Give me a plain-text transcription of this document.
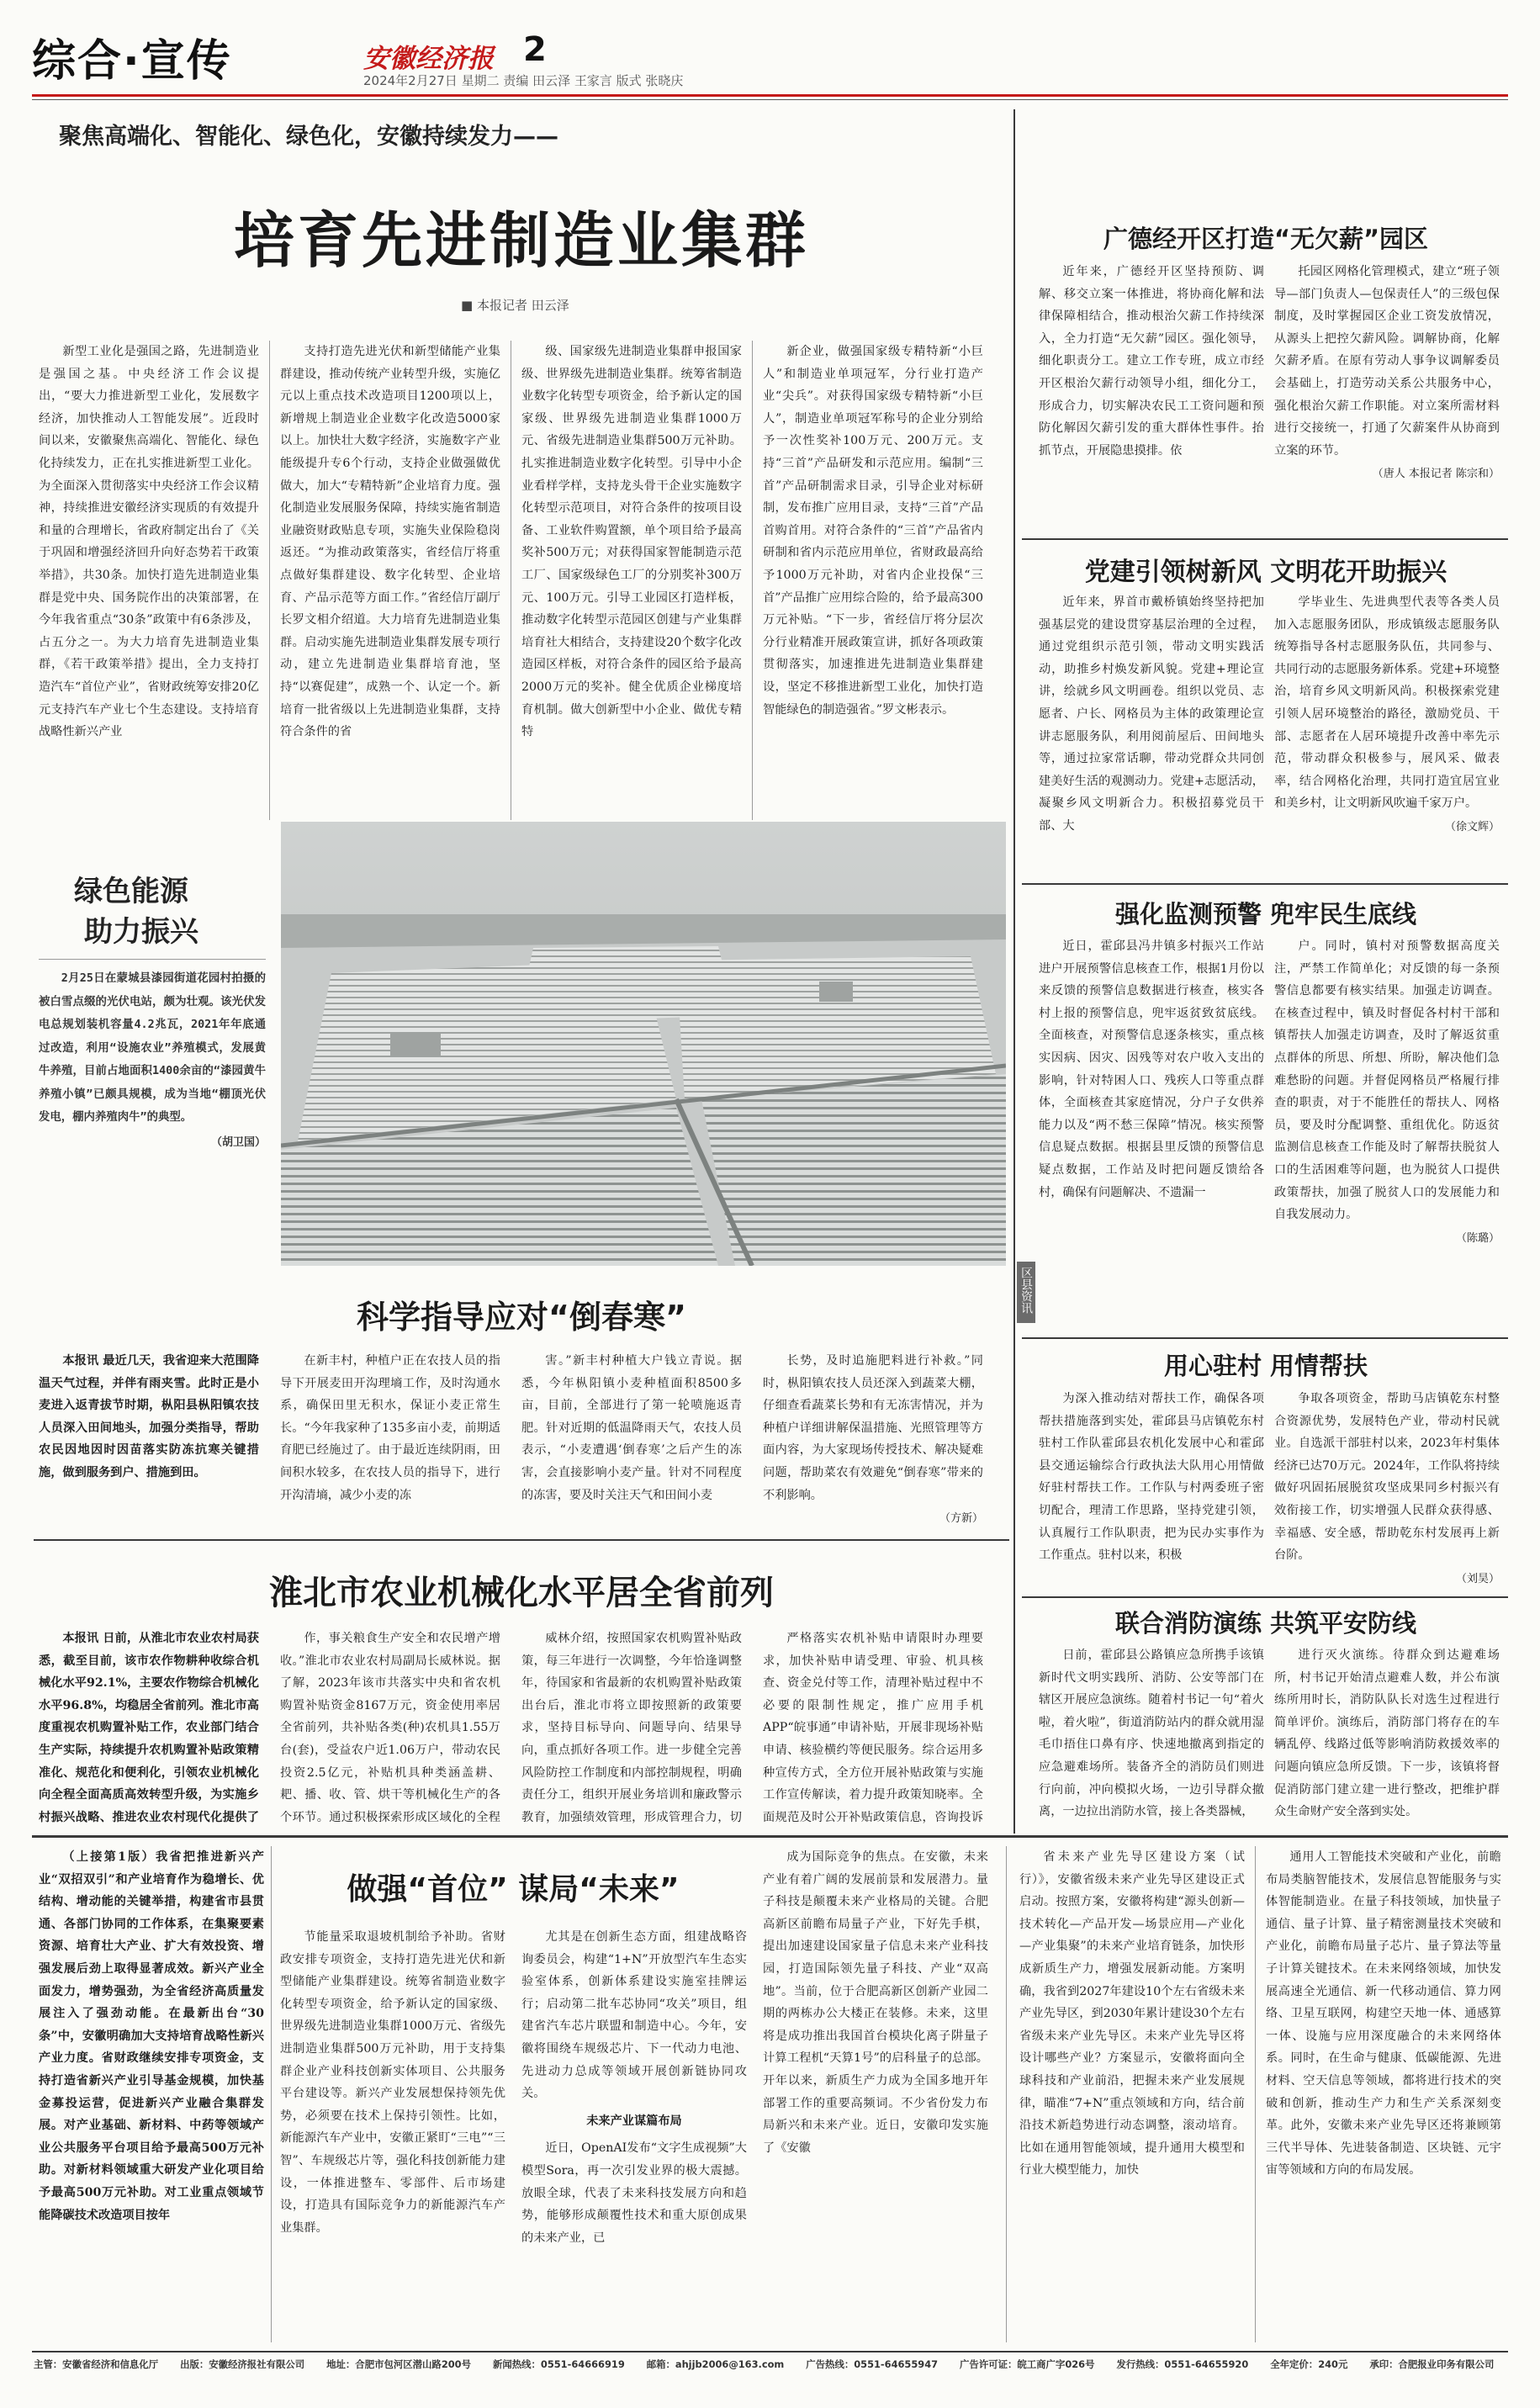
综合·宣传	安徽经济报 2
2024年2月27日 星期二 责编 田云泽 王家言 版式 张晓庆
聚焦高端化、智能化、绿色化，安徽持续发力——
培育先进制造业集群
■ 本报记者 田云泽

新型工业化是强国之路，先进制造业是强国之基。中央经济工作会议提出，“要大力推进新型工业化，发展数字经济，加快推动人工智能发展”。近段时间以来，安徽聚焦高端化、智能化、绿色化持续发力，正在扎实推进新型工业化。为全面深入贯彻落实中央经济工作会议精神，持续推进安徽经济实现质的有效提升和量的合理增长，省政府制定出台了《关于巩固和增强经济回升向好态势若干政策举措》，共30条。加快打造先进制造业集群是党中央、国务院作出的决策部署，在今年我省重点“30条”政策中有6条涉及，占五分之一。为大力培育先进制造业集群，《若干政策举措》提出，全力支持打造汽车“首位产业”，省财政统筹安排20亿元支持汽车产业七个生态建设。支持培育战略性新兴产业

支持打造先进光伏和新型储能产业集群建设，推动传统产业转型升级，实施亿元以上重点技术改造项目1200项以上，新增规上制造业企业数字化改造5000家以上。加快壮大数字经济，实施数字产业能级提升专6个行动，支持企业做强做优做大，加大“专精特新”企业培育力度。强化制造业发展服务保障，持续实施省制造业融资财政贴息专项，实施失业保险稳岗返还。“为推动政策落实，省经信厅将重点做好集群建设、数字化转型、企业培育、产品示范等方面工作。”省经信厅副厅长罗文相介绍道。大力培育先进制造业集群。启动实施先进制造业集群发展专项行动，建立先进制造业集群培育池，坚持“以赛促建”，成熟一个、认定一个。新培育一批省级以上先进制造业集群，支持符合条件的省

级、国家级先进制造业集群申报国家级、世界级先进制造业集群。统筹省制造业数字化转型专项资金，给予新认定的国家级、世界级先进制造业集群1000万元、省级先进制造业集群500万元补助。扎实推进制造业数字化转型。引导中小企业看样学样，支持龙头骨干企业实施数字化转型示范项目，对符合条件的按项目设备、工业软件购置额，单个项目给予最高奖补500万元；对获得国家智能制造示范工厂、国家级绿色工厂的分别奖补300万元、100万元。引导工业园区打造样板，推动数字化转型示范园区创建与产业集群培育社大相结合，支持建设20个数字化改造园区样板，对符合条件的园区给予最高2000万元的奖补。健全优质企业梯度培育机制。做大创新型中小企业、做优专精特

新企业，做强国家级专精特新“小巨人”和制造业单项冠军，分行业打造产业“尖兵”。对获得国家级专精特新“小巨人”，制造业单项冠军称号的企业分别给予一次性奖补100万元、200万元。支持“三首”产品研发和示范应用。编制“三首”产品研制需求目录，引导企业对标研制，发布推广应用目录，支持“三首”产品首购首用。对符合条件的“三首”产品省内研制和省内示范应用单位，省财政最高给予1000万元补助，对省内企业投保“三首”产品推广应用综合险的，给予最高300万元补贴。“下一步，省经信厅将分层次分行业精准开展政策宣讲，抓好各项政策贯彻落实，加速推进先进制造业集群建设，坚定不移推进新型工业化，加快打造智能绿色的制造强省。”罗文彬表示。

绿色能源
助力振兴

2月25日在蒙城县漆园街道花园村拍摄的被白雪点缀的光伏电站，颇为壮观。该光伏发电总规划装机容量4.2兆瓦，2021年年底通过改造，利用“设施农业”养殖模式，发展黄牛养殖，目前占地面积1400余亩的“漆园黄牛养殖小镇”已颇具规模，成为当地“棚顶光伏发电，棚内养殖肉牛”的典型。

（胡卫国）
科学指导应对“倒春寒”

本报讯 最近几天，我省迎来大范围降温天气过程，并伴有雨夹雪。此时正是小麦进入返青拔节时期，枞阳县枞阳镇农技人员深入田间地头，加强分类指导，帮助农民因地因时因苗落实防冻抗寒关键措施，做到服务到户、措施到田。

在新丰村，种植户正在农技人员的指导下开展麦田开沟理墒工作，及时沟通水系，确保田里无积水，保证小麦正常生长。“今年我家种了135多亩小麦，前期适育肥已经施过了。由于最近连续阴雨，田间积水较多，在农技人员的指导下，进行开沟清墒，减少小麦的冻

害。”新丰村种植大户钱立青说。据悉，今年枞阳镇小麦种植面积8500多亩，目前，全部进行了第一轮喷施返青肥。针对近期的低温降雨天气，农技人员表示，“小麦遭遇‘倒春寒’之后产生的冻害，会直接影响小麦产量。针对不同程度的冻害，要及时关注天气和田间小麦

长势，及时追施肥料进行补救。”同时，枞阳镇农技人员还深入到蔬菜大棚，仔细查看蔬菜长势和有无冻害情况，并为种植户详细讲解保温措施、光照管理等方面内容，为大家现场传授技术、解决疑难问题，帮助菜农有效避免“倒春寒”带来的不利影响。

（方新）
淮北市农业机械化水平居全省前列

本报讯 日前，从淮北市农业农村局获悉，截至目前，该市农作物耕种收综合机械化水平92.1%，主要农作物综合机械化水平96.8%，均稳居全省前列。淮北市高度重视农机购置补贴工作，农业部门结合生产实际，持续提升农机购置补贴政策精准化、规范化和便利化，引领农业机械化向全程全面高质高效转型升级，为实施乡村振兴战略、推进农业农村现代化提供了

作，事关粮食生产安全和农民增产增收。”淮北市农业农村局副局长威林说。据了解，2023年该市共落实中央和省农机购置补贴资金8167万元，资金使用率居全省前列，共补贴各类(种)农机具1.55万台(套)，受益农户近1.06万户，带动农民投资2.5亿元，补贴机具种类涵盖耕、耙、播、收、管、烘干等机械化生产的各个环节。通过积极探索形成区域化的全程

威林介绍，按照国家农机购置补贴政策，每三年进行一次调整，今年恰逢调整年，待国家和省最新的农机购置补贴政策出台后，淮北市将立即按照新的政策要求，坚持目标导向、问题导向、结果导向，重点抓好各项工作。进一步健全完善风险防控工作制度和内部控制规程，明确责任分工，组织开展业务培训和廉政警示教育，加强绩效管理，形成管理合力，切

严格落实农机补贴申请限时办理要求，加快补贴申请受理、审验、机具核查、资金兑付等工作，清理补贴过程中不必要的限制性规定，推广应用手机APP“皖事通”申请补贴，开展非现场补贴申请、核验横约等便民服务。综合运用多种宣传方式，全方位开展补贴政策与实施工作宣传解读，着力提升政策知晓率。全面规范及时公开补贴政策信息，咨询投诉

广德经开区打造“无欠薪”园区

近年来，广德经开区坚持预防、调解、移交立案一体推进，将协商化解和法律保障相结合，推动根治欠薪工作持续深入，全力打造“无欠薪”园区。强化领导，细化职责分工。建立工作专班，成立市经开区根治欠薪行动领导小组，细化分工，形成合力，切实解决农民工工资问题和预防化解因欠薪引发的重大群体性事件。抬抓节点，开展隐患摸排。依

托园区网格化管理模式，建立“班子领导—部门负责人—包保责任人”的三级包保制度，及时掌握园区企业工资发放情况，从源头上把控欠薪风险。调解协商，化解欠薪矛盾。在原有劳动人事争议调解委员会基础上，打造劳动关系公共服务中心，强化根治欠薪工作职能。对立案所需材料进行交接统一，打通了欠薪案件从协商到立案的环节。

（唐人 本报记者 陈宗和）
党建引领树新风 文明花开助振兴

近年来，界首市戴桥镇始终坚持把加强基层党的建设贯穿基层治理的全过程，通过党组织示范引领，带动文明实践活动，助推乡村焕发新风貌。党建+理论宣讲，绘就乡风文明画卷。组织以党员、志愿者、户长、网格员为主体的政策理论宣讲志愿服务队，利用阅前屋后、田间地头等，通过拉家常话聊，带动党群众共同创建美好生活的观测动力。党建+志愿活动，凝聚乡风文明新合力。积极招募党员干部、大

学毕业生、先进典型代表等各类人员加入志愿服务团队，形成镇级志愿服务队统筹指导各村志愿服务队伍，共同参与、共同行动的志愿服务新体系。党建+环境整治，培育乡风文明新风尚。积极探索党建引领人居环境整治的路径，激励党员、干部、志愿者在人居环境提升改善中率先示范，带动群众积极参与，展风采、做表率，结合网格化治理，共同打造宜居宜业和美乡村，让文明新风吹遍千家万户。

（徐文辉）
强化监测预警 兜牢民生底线

近日，霍邱县冯井镇多村振兴工作站进户开展预警信息核查工作，根据1月份以来反馈的预警信息数据进行核查，核实各村上报的预警信息，兜牢返贫致贫底线。全面核查，对预警信息逐条核实，重点核实因病、因灾、因残等对农户收入支出的影响，针对特困人口、残疾人口等重点群体，全面核查其家庭情况，分户子女供养能力以及“两不愁三保障”情况。核实预警信息疑点数据。根据县里反馈的预警信息疑点数据，工作站及时把问题反馈给各村，确保有问题解决、不遗漏一

户。同时，镇村对预警数据高度关注，严禁工作简单化；对反馈的每一条预警信息都要有核实结果。加强走访调查。在核查过程中，镇及时督促各村村干部和镇帮扶人加强走访调查，及时了解返贫重点群体的所思、所想、所盼，解决他们急难愁盼的问题。并督促网格员严格履行排查的职责，对于不能胜任的帮扶人、网格员，要及时分配调整、重组优化。防返贫监测信息核查工作能及时了解帮扶脱贫人口的生活困难等问题，也为脱贫人口提供政策帮扶，加强了脱贫人口的发展能力和自我发展动力。

（陈璐）
区县资讯
用心驻村 用情帮扶

为深入推动结对帮扶工作，确保各项帮扶措施落到实处，霍邱县马店镇乾东村驻村工作队霍邱县农机化发展中心和霍邱县交通运输综合行政执法大队用心用情做好驻村帮扶工作。工作队与村两委班子密切配合，理清工作思路，坚持党建引领，认真履行工作队职责，把为民办实事作为工作重点。驻村以来，积极

争取各项资金，帮助马店镇乾东村整合资源优势，发展特色产业，带动村民就业。自选派干部驻村以来，2023年村集体经济已达70万元。2024年，工作队将持续做好巩固拓展脱贫攻坚成果同乡村振兴有效衔接工作，切实增强人民群众获得感、幸福感、安全感，帮助乾东村发展再上新台阶。

（刘昊）
联合消防演练 共筑平安防线

日前，霍邱县公路镇应急所携手该镇新时代文明实践所、消防、公安等部门在辖区开展应急演练。随着村书记一句“着火啦，着火啦”，街道消防站内的群众就用湿毛巾捂住口鼻有序、快速地撤离到指定的应急避难场所。装备齐全的消防员们则进行向前，冲向模拟火场，一边引导群众撤离，一边拉出消防水管，接上各类器械，

进行灭火演练。待群众到达避难场所，村书记开始清点避难人数，并公布演练所用时长，消防队队长对选生过程进行简单评价。演练后，消防部门将存在的车辆乱停、线路过低等影响消防救援效率的问题向镇应急所反馈。下一步，该镇将督促消防部门建立建一进行整改，把维护群众生命财产安全落到实处。

（上接第1版）我省把推进新兴产业“双招双引”和产业培育作为稳增长、优结构、增动能的关键举措，构建省市县贯通、各部门协同的工作体系，在集聚要素资源、培育壮大产业、扩大有效投资、增强发展后劲上取得显著成效。新兴产业全面发力，增势强劲，为全省经济高质量发展注入了强劲动能。在最新出台“30条”中，安徽明确加大支持培育战略性新兴产业力度。省财政继续安排专项资金，支持打造省新兴产业引导基金规模，加快基金募投运营，促进新兴产业融合集群发展。对产业基础、新材料、中药等领域产业公共服务平台项目给予最高500万元补助。对新材料领域重大研发产业化项目给予最高500万元补助。对工业重点领域节能降碳技术改造项目按年

做强“首位” 谋局“未来”

节能量采取退坡机制给予补助。省财政安排专项资金，支持打造先进光伏和新型储能产业集群建设。统筹省制造业数字化转型专项资金，给予新认定的国家级、世界级先进制造业集群1000万元、省级先进制造业集群500万元补助，用于支持集群企业产业科技创新实体项目、公共服务平台建设等。新兴产业发展想保持领先优势，必须要在技术上保持引领性。比如，新能源汽车产业中，安徽正紧盯“三电”“三智”、车规级芯片等，强化科技创新能力建设，一体推进整车、零部件、后市场建设，打造具有国际竞争力的新能源汽车产业集群。

尤其是在创新生态方面，组建战略咨询委员会，构建“1+N”开放型汽车生态实验室体系，创新体系建设实施室挂牌运行；启动第二批车芯协同“攻关”项目，组建省汽车芯片联盟和制造中心。今年，安徽将围绕车规级芯片、下一代动力电池、先进动力总成等领域开展创新链协同攻关。

未来产业谋篇布局

近日，OpenAI发布“文字生成视频”大模型Sora，再一次引发业界的极大震撼。放眼全球，代表了未来科技发展方向和趋势，能够形成颠覆性技术和重大原创成果的未来产业，已

成为国际竞争的焦点。在安徽，未来产业有着广阔的发展前景和发展潜力。量子科技是颠覆未来产业格局的关键。合肥高新区前瞻布局量子产业，下好先手棋，提出加速建设国家量子信息未来产业科技园，打造国际领先量子科技、产业“双高地”。当前，位于合肥高新区创新产业园二期的两栋办公大楼正在装修。未来，这里将是成功推出我国首台模块化离子阱量子计算工程机“天算1号”的启科量子的总部。开年以来，新质生产力成为全国多地开年部署工作的重要高频词。不少省份发力布局新兴和未来产业。近日，安徽印发实施了《安徽

省未来产业先导区建设方案（试行）》，安徽省级未来产业先导区建设正式启动。按照方案，安徽将构建“源头创新—技术转化—产品开发—场景应用—产业化—产业集聚”的未来产业培育链条，加快形成新质生产力，增强发展新动能。方案明确，我省到2027年建设10个左右省级未来产业先导区，到2030年累计建设30个左右省级未来产业先导区。未来产业先导区将设计哪些产业？方案显示，安徽将面向全球科技和产业前沿，把握未来产业发展规律，瞄准“7+N”重点领域和方向，结合前沿技术新趋势进行动态调整，滚动培育。比如在通用智能领域，提升通用大模型和行业大模型能力，加快

通用人工智能技术突破和产业化，前瞻布局类脑智能技术，发展信息智能服务与实体智能制造业。在量子科技领域，加快量子通信、量子计算、量子精密测量技术突破和产业化，前瞻布局量子芯片、量子算法等量子计算关键技术。在未来网络领域，加快发展高速全光通信、新一代移动通信、算力网络、卫星互联网，构建空天地一体、通感算一体、设施与应用深度融合的未来网络体系。同时，在生命与健康、低碳能源、先进材料、空天信息等领域，都将进行技术的突破和创新，推动生产力和生产关系深刻变革。此外，安徽未来产业先导区还将兼顾第三代半导体、先进装备制造、区块链、元宇宙等领域和方向的布局发展。

主管：安徽省经济和信息化厅 出版：安徽经济报社有限公司 地址：合肥市包河区潜山路200号 新闻热线：0551-64666919 邮箱：ahjjb2006@163.com 广告热线：0551-64655947 广告许可证：皖工商广字026号 发行热线：0551-64655920 全年定价：240元 承印：合肥报业印务有限公司
